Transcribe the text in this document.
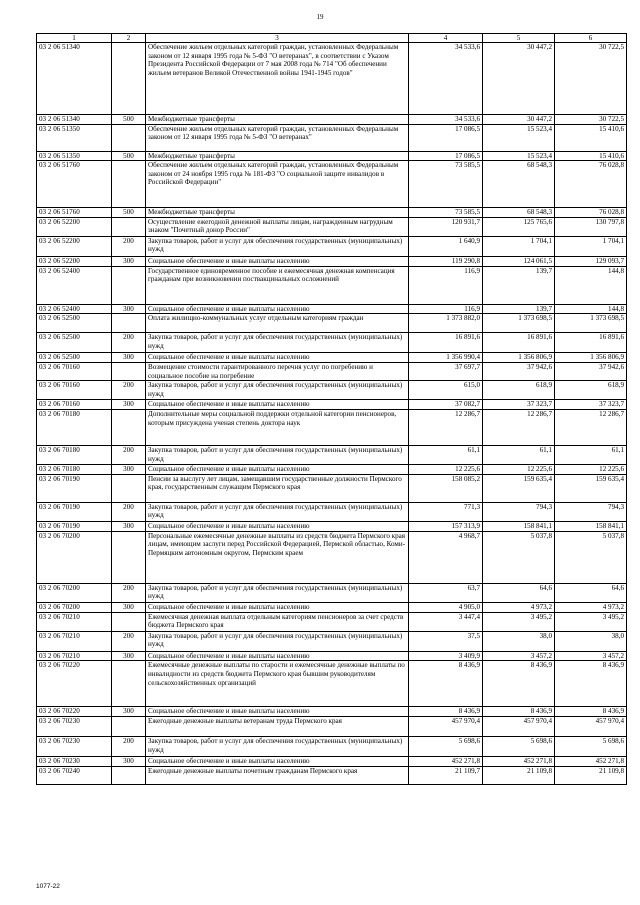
19
1	2	3	4	5	6
03 2 06 51340		Обеспечение жильем отдельных категорий граждан, установленных Федеральным законом от 12 января 1995 года № 5-ФЗ "О ветеранах", в соответствии с Указом Президента Российской Федерации от 7 мая 2008 года № 714 "Об обеспечении жильем ветеранов Великой Отечественной войны 1941-1945 годов"	34 533,6	30 447,2	30 722,5
03 2 06 51340	500	Межбюджетные трансферты	34 533,6	30 447,2	30 722,5
03 2 06 51350		Обеспечение жильем отдельных категорий граждан, установленных Федеральным законом от 12 января 1995 года № 5-ФЗ "О ветеранах"	17 086,5	15 523,4	15 410,6
03 2 06 51350	500	Межбюджетные трансферты	17 086,5	15 523,4	15 410,6
03 2 06 51760		Обеспечение жильем отдельных категорий граждан, установленных Федеральным законом от 24 ноября 1995 года № 181-ФЗ "О социальной защите инвалидов в Российской Федерации"	73 585,5	68 548,3	76 028,8
03 2 06 51760	500	Межбюджетные трансферты	73 585,5	68 548,3	76 028,8
03 2 06 52200		Осуществление ежегодной денежной выплаты лицам, награжденным нагрудным знаком "Почетный донор России"	120 931,7	125 765,6	130 797,8
03 2 06 52200	200	Закупка товаров, работ и услуг для обеспечения государственных (муниципальных) нужд	1 640,9	1 704,1	1 704,1
03 2 06 52200	300	Социальное обеспечение и иные выплаты населению	119 290,8	124 061,5	129 093,7
03 2 06 52400		Государственное единовременное пособие и ежемесячная денежная компенсация гражданам при возникновении поствакцинальных осложнений	116,9	139,7	144,8
03 2 06 52400	300	Социальное обеспечение и иные выплаты населению	116,9	139,7	144,8
03 2 06 52500		Оплата жилищно-коммунальных услуг отдельным категориям граждан	1 373 882,0	1 373 698,5	1 373 698,5
03 2 06 52500	200	Закупка товаров, работ и услуг для обеспечения государственных (муниципальных) нужд	16 891,6	16 891,6	16 891,6
03 2 06 52500	300	Социальное обеспечение и иные выплаты населению	1 356 990,4	1 356 806,9	1 356 806,9
03 2 06 70160		Возмещение стоимости гарантированного перечня услуг по погребению и социальное пособие на погребение	37 697,7	37 942,6	37 942,6
03 2 06 70160	200	Закупка товаров, работ и услуг для обеспечения государственных (муниципальных) нужд	615,0	618,9	618,9
03 2 06 70160	300	Социальное обеспечение и иные выплаты населению	37 082,7	37 323,7	37 323,7
03 2 06 70180		Дополнительные меры социальной поддержки отдельной категории пенсионеров, которым присуждена ученая степень доктора наук	12 286,7	12 286,7	12 286,7
03 2 06 70180	200	Закупка товаров, работ и услуг для обеспечения государственных (муниципальных) нужд	61,1	61,1	61,1
03 2 06 70180	300	Социальное обеспечение и иные выплаты населению	12 225,6	12 225,6	12 225,6
03 2 06 70190		Пенсии за выслугу лет лицам, замещавшим государственные должности Пермского края, государственным служащим Пермского края	158 085,2	159 635,4	159 635,4
03 2 06 70190	200	Закупка товаров, работ и услуг для обеспечения государственных (муниципальных) нужд	771,3	794,3	794,3
03 2 06 70190	300	Социальное обеспечение и иные выплаты населению	157 313,9	158 841,1	158 841,1
03 2 06 70200		Персональные ежемесячные денежные выплаты из средств бюджета Пермского края лицам, имеющим заслуги перед Российской Федерацией, Пермской областью, Коми-Пермяцким автономным округом, Пермским краем	4 968,7	5 037,8	5 037,8
03 2 06 70200	200	Закупка товаров, работ и услуг для обеспечения государственных (муниципальных) нужд	63,7	64,6	64,6
03 2 06 70200	300	Социальное обеспечение и иные выплаты населению	4 905,0	4 973,2	4 973,2
03 2 06 70210		Ежемесячная денежная выплата отдельным категориям пенсионеров за счет средств бюджета Пермского края	3 447,4	3 495,2	3 495,2
03 2 06 70210	200	Закупка товаров, работ и услуг для обеспечения государственных (муниципальных) нужд	37,5	38,0	38,0
03 2 06 70210	300	Социальное обеспечение и иные выплаты населению	3 409,9	3 457,2	3 457,2
03 2 06 70220		Ежемесячные денежные выплаты по старости и ежемесячные денежные выплаты по инвалидности из средств бюджета Пермского края бывшим руководителям сельскохозяйственных организаций	8 436,9	8 436,9	8 436,9
03 2 06 70220	300	Социальное обеспечение и иные выплаты населению	8 436,9	8 436,9	8 436,9
03 2 06 70230		Ежегодные денежные выплаты ветеранам труда Пермского края	457 970,4	457 970,4	457 970,4
03 2 06 70230	200	Закупка товаров, работ и услуг для обеспечения государственных (муниципальных) нужд	5 698,6	5 698,6	5 698,6
03 2 06 70230	300	Социальное обеспечение и иные выплаты населению	452 271,8	452 271,8	452 271,8
03 2 06 70240		Ежегодные денежные выплаты почетным гражданам Пермского края	21 109,7	21 109,8	21 109,8
1077-22
